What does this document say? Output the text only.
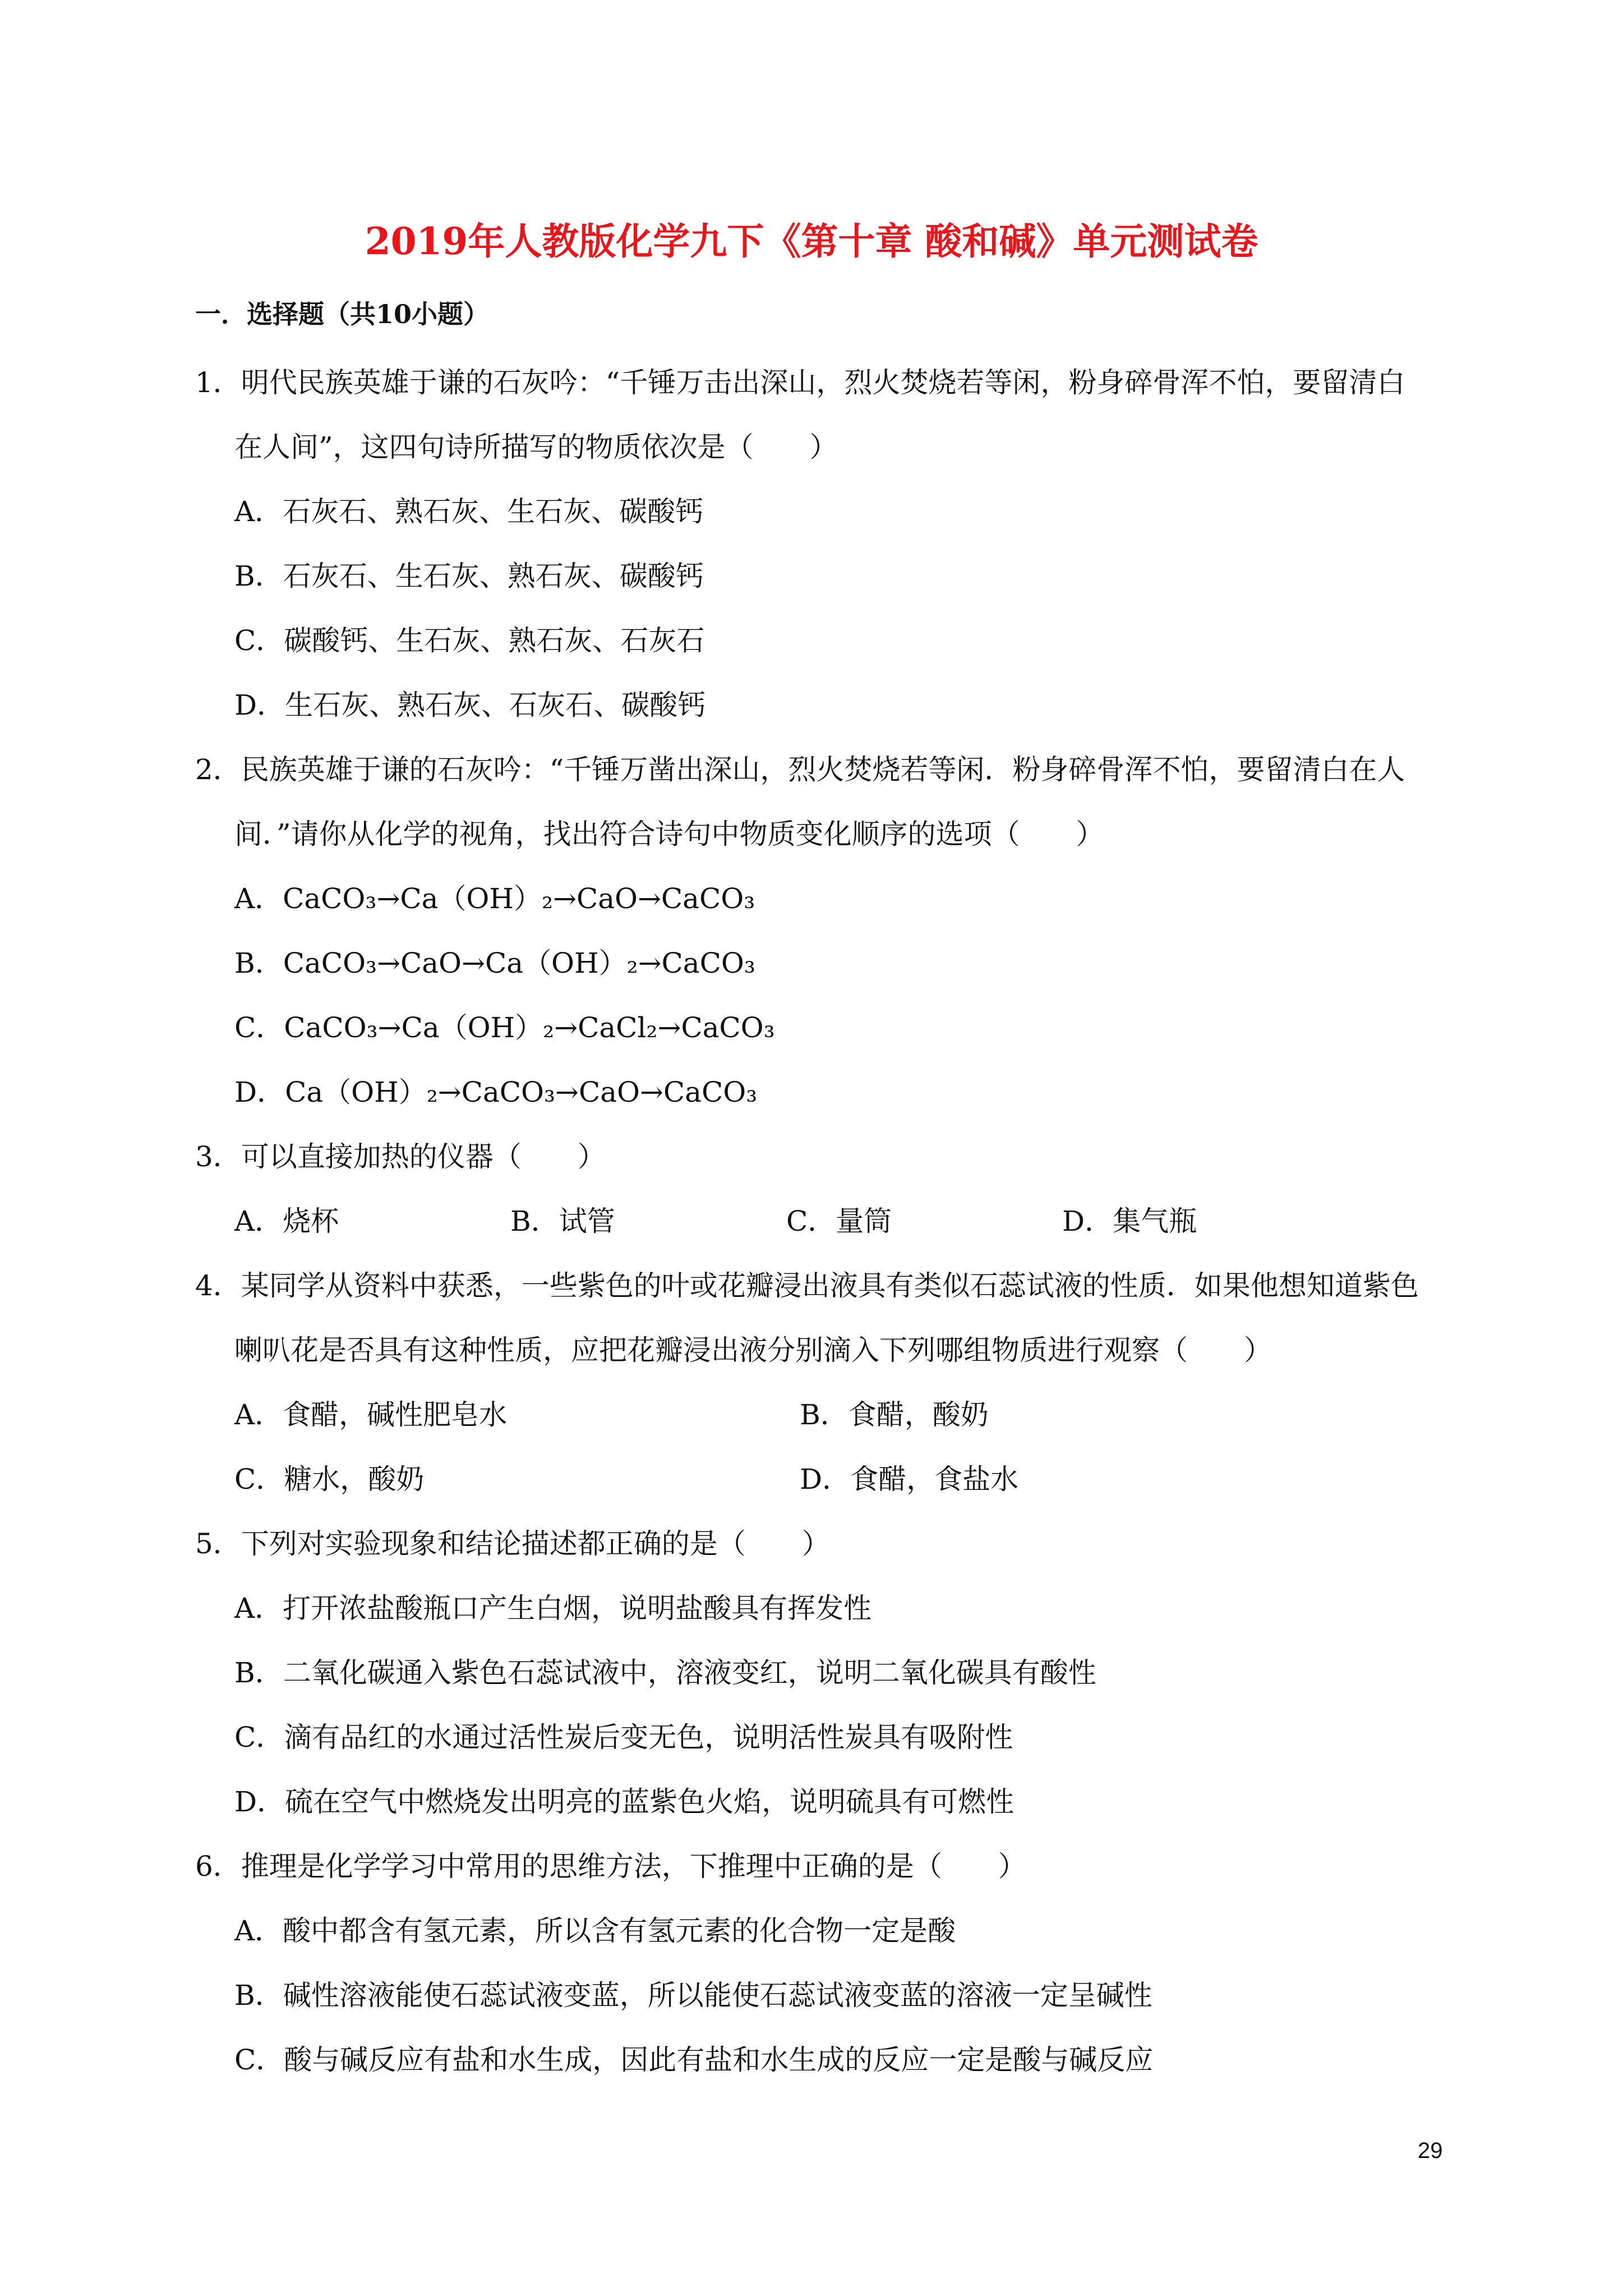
2019年人教版化学九下《第十章 酸和碱》单元测试卷
一．选择题（共10小题）
1．明代民族英雄于谦的石灰吟：“千锤万击出深山，烈火焚烧若等闲，粉身碎骨浑不怕，要留清白
在人间”，这四句诗所描写的物质依次是（　　）
A．石灰石、熟石灰、生石灰、碳酸钙
B．石灰石、生石灰、熟石灰、碳酸钙
C．碳酸钙、生石灰、熟石灰、石灰石
D．生石灰、熟石灰、石灰石、碳酸钙
2．民族英雄于谦的石灰吟：“千锤万凿出深山，烈火焚烧若等闲．粉身碎骨浑不怕，要留清白在人
间．”请你从化学的视角，找出符合诗句中物质变化顺序的选项（　　）
A．CaCO₃→Ca（OH）₂→CaO→CaCO₃
B．CaCO₃→CaO→Ca（OH）₂→CaCO₃
C．CaCO₃→Ca（OH）₂→CaCl₂→CaCO₃
D．Ca（OH）₂→CaCO₃→CaO→CaCO₃
3．可以直接加热的仪器（　　）
A．烧杯	B．试管	C．量筒	D．集气瓶
4．某同学从资料中获悉，一些紫色的叶或花瓣浸出液具有类似石蕊试液的性质．如果他想知道紫色
喇叭花是否具有这种性质，应把花瓣浸出液分别滴入下列哪组物质进行观察（　　）
A．食醋，碱性肥皂水	B．食醋，酸奶
C．糖水，酸奶	D．食醋，食盐水
5．下列对实验现象和结论描述都正确的是（　　）
A．打开浓盐酸瓶口产生白烟，说明盐酸具有挥发性
B．二氧化碳通入紫色石蕊试液中，溶液变红，说明二氧化碳具有酸性
C．滴有品红的水通过活性炭后变无色，说明活性炭具有吸附性
D．硫在空气中燃烧发出明亮的蓝紫色火焰，说明硫具有可燃性
6．推理是化学学习中常用的思维方法，下推理中正确的是（　　）
A．酸中都含有氢元素，所以含有氢元素的化合物一定是酸
B．碱性溶液能使石蕊试液变蓝，所以能使石蕊试液变蓝的溶液一定呈碱性
C．酸与碱反应有盐和水生成，因此有盐和水生成的反应一定是酸与碱反应
29
